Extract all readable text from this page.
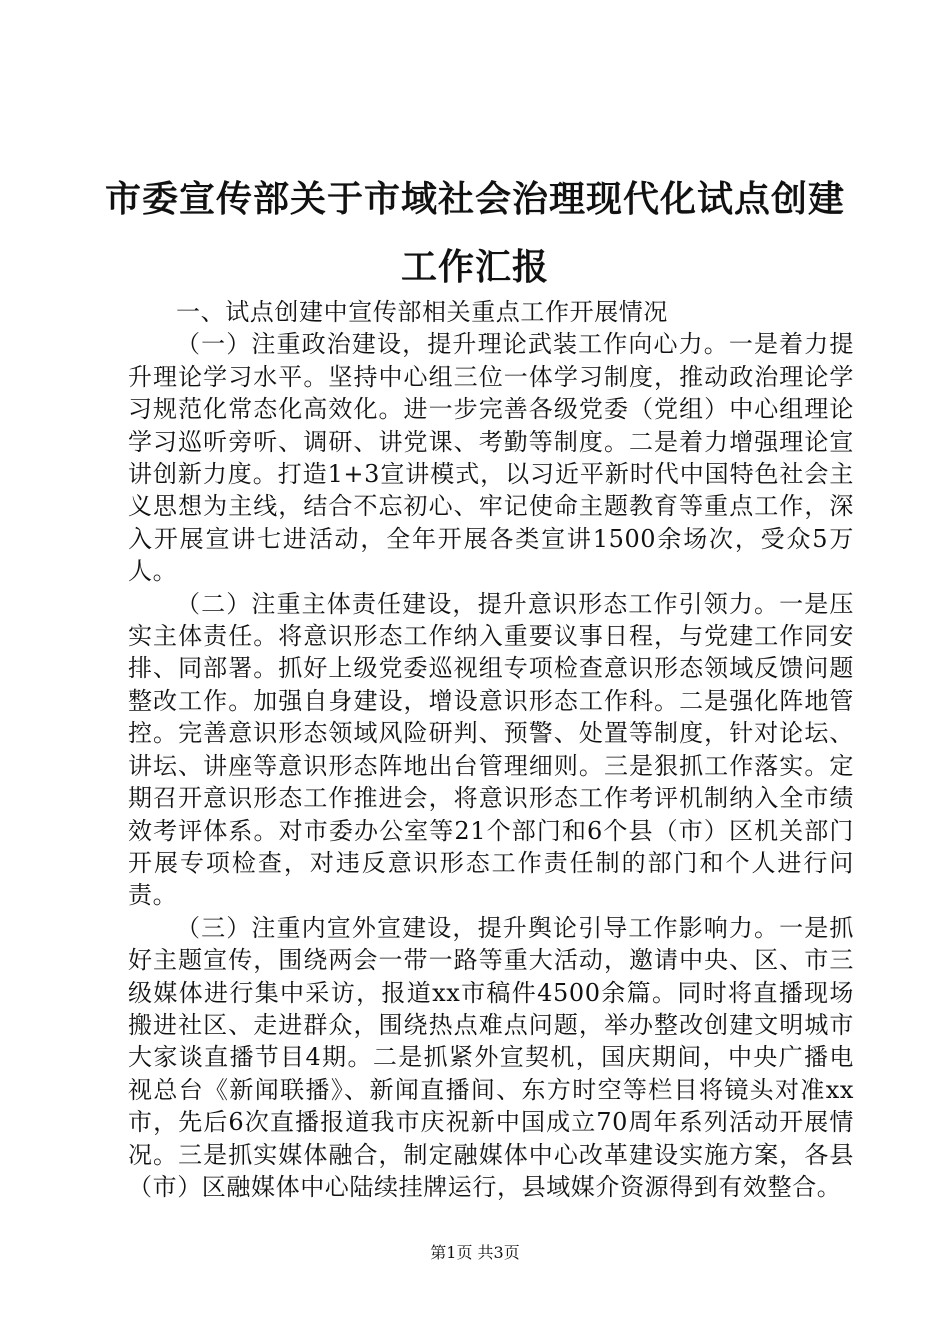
市委宣传部关于市域社会治理现代化试点创建工作汇报

一、试点创建中宣传部相关重点工作开展情况

（一）注重政治建设，提升理论武装工作向心力。一是着力提升理论学习水平。坚持中心组三位一体学习制度，推动政治理论学习规范化常态化高效化。进一步完善各级党委（党组）中心组理论学习巡听旁听、调研、讲党课、考勤等制度。二是着力增强理论宣讲创新力度。打造1+3宣讲模式，以习近平新时代中国特色社会主义思想为主线，结合不忘初心、牢记使命主题教育等重点工作，深入开展宣讲七进活动，全年开展各类宣讲1500余场次，受众5万人。

（二）注重主体责任建设，提升意识形态工作引领力。一是压实主体责任。将意识形态工作纳入重要议事日程，与党建工作同安排、同部署。抓好上级党委巡视组专项检查意识形态领域反馈问题整改工作。加强自身建设，增设意识形态工作科。二是强化阵地管控。完善意识形态领域风险研判、预警、处置等制度，针对论坛、讲坛、讲座等意识形态阵地出台管理细则。三是狠抓工作落实。定期召开意识形态工作推进会，将意识形态工作考评机制纳入全市绩效考评体系。对市委办公室等21个部门和6个县（市）区机关部门开展专项检查，对违反意识形态工作责任制的部门和个人进行问责。

（三）注重内宣外宣建设，提升舆论引导工作影响力。一是抓好主题宣传，围绕两会一带一路等重大活动，邀请中央、区、市三级媒体进行集中采访，报道xx市稿件4500余篇。同时将直播现场搬进社区、走进群众，围绕热点难点问题，举办整改创建文明城市大家谈直播节目4期。二是抓紧外宣契机，国庆期间，中央广播电视总台《新闻联播》、新闻直播间、东方时空等栏目将镜头对准xx市，先后6次直播报道我市庆祝新中国成立70周年系列活动开展情况。三是抓实媒体融合，制定融媒体中心改革建设实施方案，各县（市）区融媒体中心陆续挂牌运行，县域媒介资源得到有效整合。

第1页 共3页
